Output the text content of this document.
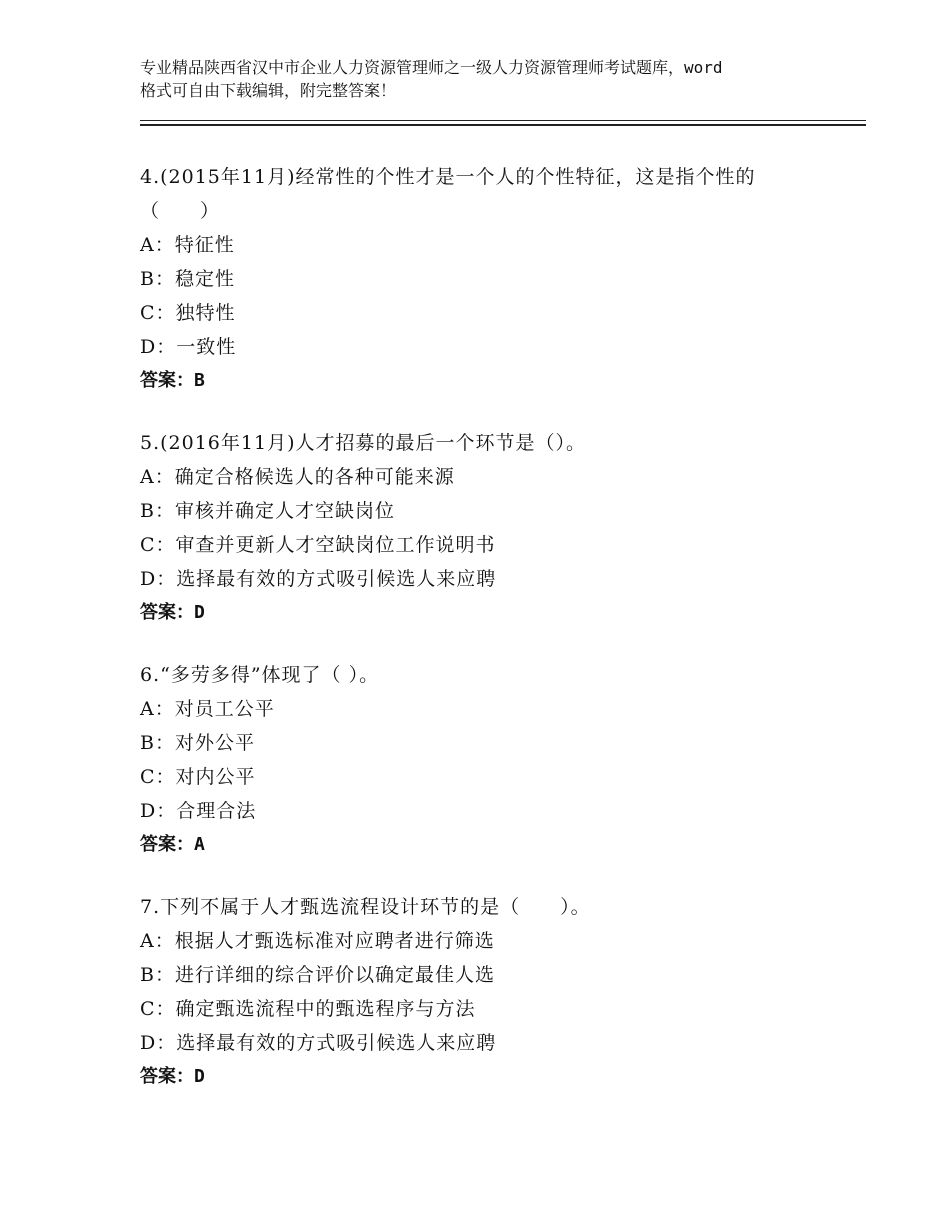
专业精品陕西省汉中市企业人力资源管理师之一级人力资源管理师考试题库，word
格式可自由下载编辑，附完整答案！
4.(2015年11月)经常性的个性才是一个人的个性特征，这是指个性的
（　　）
A：特征性
B：稳定性
C：独特性
D：一致性
答案：B
5.(2016年11月)人才招募的最后一个环节是（）。
A：确定合格候选人的各种可能来源
B：审核并确定人才空缺岗位
C：审查并更新人才空缺岗位工作说明书
D：选择最有效的方式吸引候选人来应聘
答案：D
6.“多劳多得”体现了（ ）。
A：对员工公平
B：对外公平
C：对内公平
D：合理合法
答案：A
7.下列不属于人才甄选流程设计环节的是（　　）。
A：根据人才甄选标准对应聘者进行筛选
B：进行详细的综合评价以确定最佳人选
C：确定甄选流程中的甄选程序与方法
D：选择最有效的方式吸引候选人来应聘
答案：D
